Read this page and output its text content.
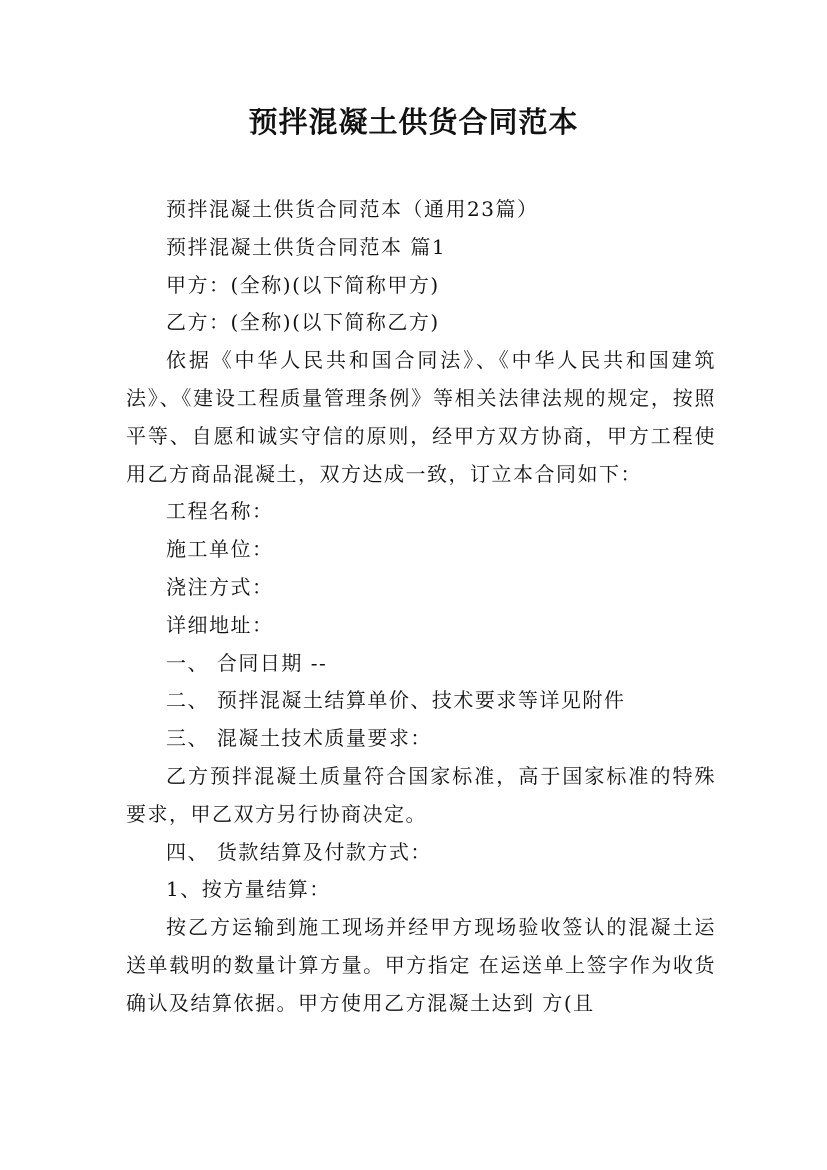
预拌混凝土供货合同范本

预拌混凝土供货合同范本（通用23篇）

预拌混凝土供货合同范本 篇1

甲方：(全称)(以下简称甲方)

乙方：(全称)(以下简称乙方)

依据《中华人民共和国合同法》、《中华人民共和国建筑法》、《建设工程质量管理条例》等相关法律法规的规定，按照平等、自愿和诚实守信的原则，经甲方双方协商，甲方工程使用乙方商品混凝土，双方达成一致，订立本合同如下：

工程名称：

施工单位：

浇注方式：

详细地址：

一、 合同日期 --

二、 预拌混凝土结算单价、技术要求等详见附件

三、 混凝土技术质量要求：

乙方预拌混凝土质量符合国家标准，高于国家标准的特殊要求，甲乙双方另行协商决定。

四、 货款结算及付款方式：

1、按方量结算：

按乙方运输到施工现场并经甲方现场验收签认的混凝土运送单载明的数量计算方量。甲方指定 在运送单上签字作为收货确认及结算依据。甲方使用乙方混凝土达到 方(且
